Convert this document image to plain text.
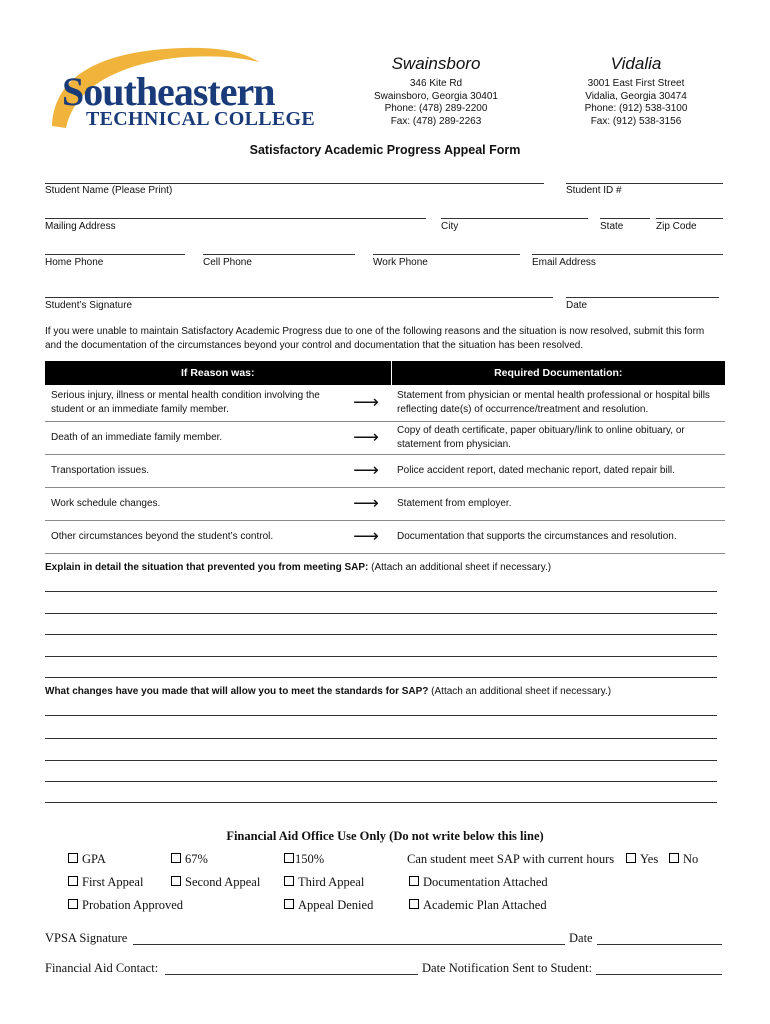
Southeastern
TECHNICAL COLLEGE
Swainsboro
346 Kite Rd
Swainsboro, Georgia 30401
Phone: (478) 289-2200
Fax: (478) 289-2263
Vidalia
3001 East First Street
Vidalia, Georgia 30474
Phone: (912) 538-3100
Fax: (912) 538-3156
Satisfactory Academic Progress Appeal Form
Student Name (Please Print)	Student ID #
Mailing Address	City	State	Zip Code
Home Phone	Cell Phone	Work Phone	Email Address
Student’s Signature	Date
If you were unable to maintain Satisfactory Academic Progress due to one of the following reasons and the situation is now resolved, submit this form and the documentation of the circumstances beyond your control and documentation that the situation has been resolved.
If Reason was:		Required Documentation:
Serious injury, illness or mental health condition involving the student or an immediate family member.	⟶	Statement from physician or mental health professional or hospital bills reflecting date(s) of occurrence/treatment and resolution.
Death of an immediate family member.	⟶	Copy of death certificate, paper obituary/link to online obituary, or statement from physician.
Transportation issues.	⟶	Police accident report, dated mechanic report, dated repair bill.
Work schedule changes.	⟶	Statement from employer.
Other circumstances beyond the student’s control.	⟶	Documentation that supports the circumstances and resolution.
Explain in detail the situation that prevented you from meeting SAP: (Attach an additional sheet if necessary.)
What changes have you made that will allow you to meet the standards for SAP? (Attach an additional sheet if necessary.)
Financial Aid Office Use Only (Do not write below this line)
GPA	67%	150%	Can student meet SAP with current hours	Yes	No
First Appeal	Second Appeal	Third Appeal	Documentation Attached
Probation Approved	Appeal Denied	Academic Plan Attached
VPSA Signature	Date
Financial Aid Contact:	Date Notification Sent to Student:
